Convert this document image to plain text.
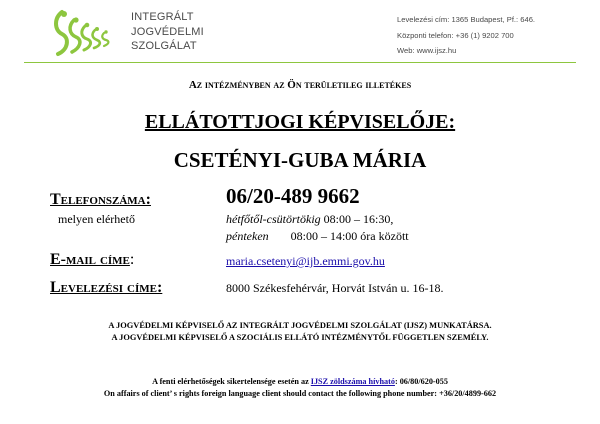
INTEGRÁLT
JOGVÉDELMI
SZOLGÁLAT
Levelezési cím: 1365 Budapest, Pf.: 646.
Központi telefon: +36 (1) 9202 700
Web: www.ijsz.hu
Az intézményben az Ön területileg illetékes
ELLÁTOTTJOGI KÉPVISELŐJE:
CSETÉNYI-GUBA MÁRIA
Telefonszáma:	06/20-489 9662
melyen elérhető	hétfőtől-csütörtökig 08:00 – 16:30,
pénteken 08:00 – 14:00 óra között
E-mail címe:	maria.csetenyi@ijb.emmi.gov.hu
Levelezési címe:	8000 Székesfehérvár, Horvát István u. 16-18.
A JOGVÉDELMI KÉPVISELŐ AZ INTEGRÁLT JOGVÉDELMI SZOLGÁLAT (IJSZ) MUNKATÁRSA.
A JOGVÉDELMI KÉPVISELŐ A SZOCIÁLIS ELLÁTÓ INTÉZMÉNYTŐL FÜGGETLEN SZEMÉLY.
A fenti elérhetőségek sikertelensége esetén az IJSZ zöldszáma hívható: 06/80/620-055
On affairs of client’ s rights foreign language client should contact the following phone number: +36/20/4899-662
